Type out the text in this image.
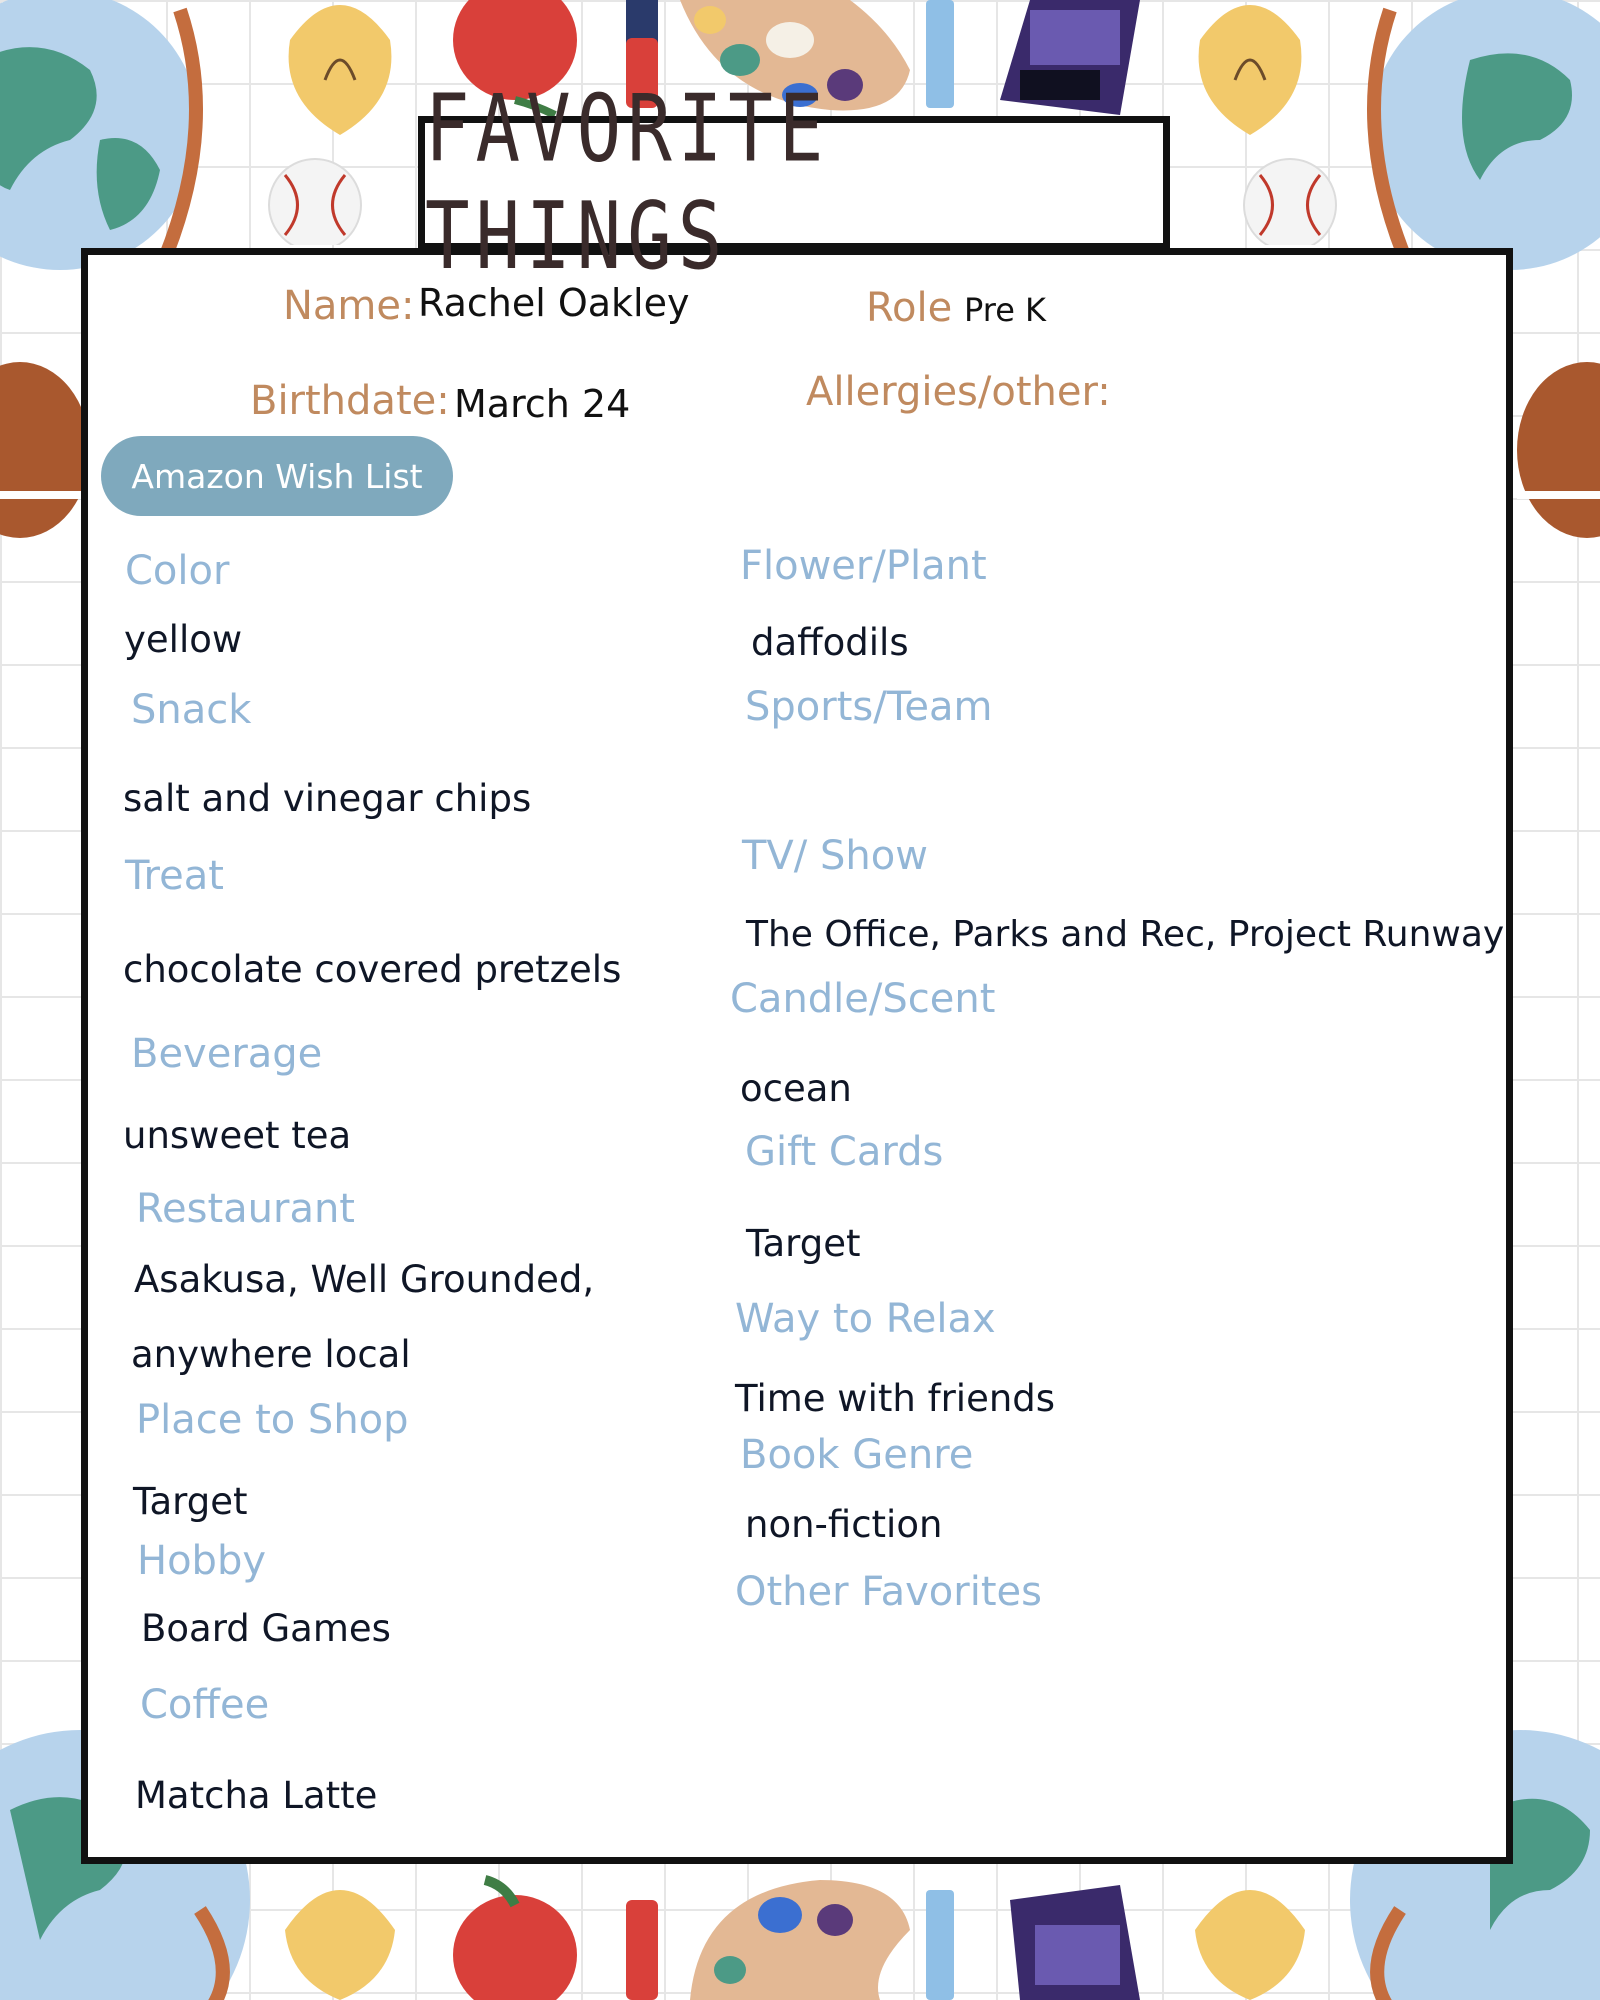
FAVORITE THINGS
Name: Rachel Oakley	Role Pre K
Birthdate: March 24	Allergies/other:
Amazon Wish List
Color
yellow
Snack
salt and vinegar chips
Treat
chocolate covered pretzels
Beverage
unsweet tea
Restaurant
Asakusa, Well Grounded,
anywhere local
Place to Shop
Target
Hobby
Board Games
Coffee
Matcha Latte
Flower/Plant
daffodils
Sports/Team
TV/ Show
The Office, Parks and Rec, Project Runway
Candle/Scent
ocean
Gift Cards
Target
Way to Relax
Time with friends
Book Genre
non-fiction
Other Favorites
